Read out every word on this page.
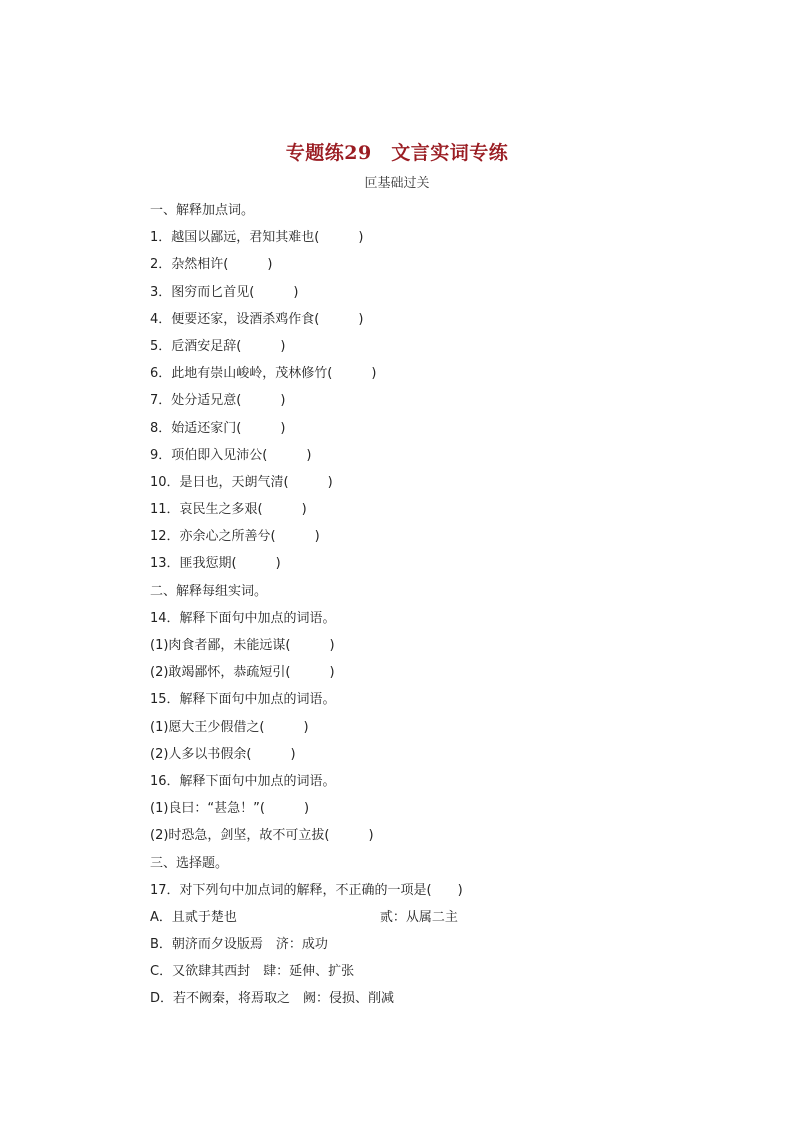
专题练29　文言实词专练
叵基础过关
一、解释加点词。
1．越国以鄙远，君知其难也(　　　)
2．杂然相许(　　　)
3．图穷而匕首见(　　　)
4．便要还家，设酒杀鸡作食(　　　)
5．卮酒安足辞(　　　)
6．此地有崇山峻岭，茂林修竹(　　　)
7．处分适兄意(　　　)
8．始适还家门(　　　)
9．项伯即入见沛公(　　　)
10．是日也，天朗气清(　　　)
11．哀民生之多艰(　　　)
12．亦余心之所善兮(　　　)
13．匪我愆期(　　　)
二、解释每组实词。
14．解释下面句中加点的词语。
(1)肉食者鄙，未能远谋(　　　)
(2)敢竭鄙怀，恭疏短引(　　　)
15．解释下面句中加点的词语。
(1)愿大王少假借之(　　　)
(2)人多以书假余(　　　)
16．解释下面句中加点的词语。
(1)良曰：“甚急！”(　　　)
(2)时恐急，剑坚，故不可立拔(　　　)
三、选择题。
17．对下列句中加点词的解释，不正确的一项是(　　)
A．且贰于楚也　　　　　　　　　　　贰：从属二主
B．朝济而夕设版焉　济：成功
C．又欲肆其西封　肆：延伸、扩张
D．若不阙秦，将焉取之　阙：侵损、削减
